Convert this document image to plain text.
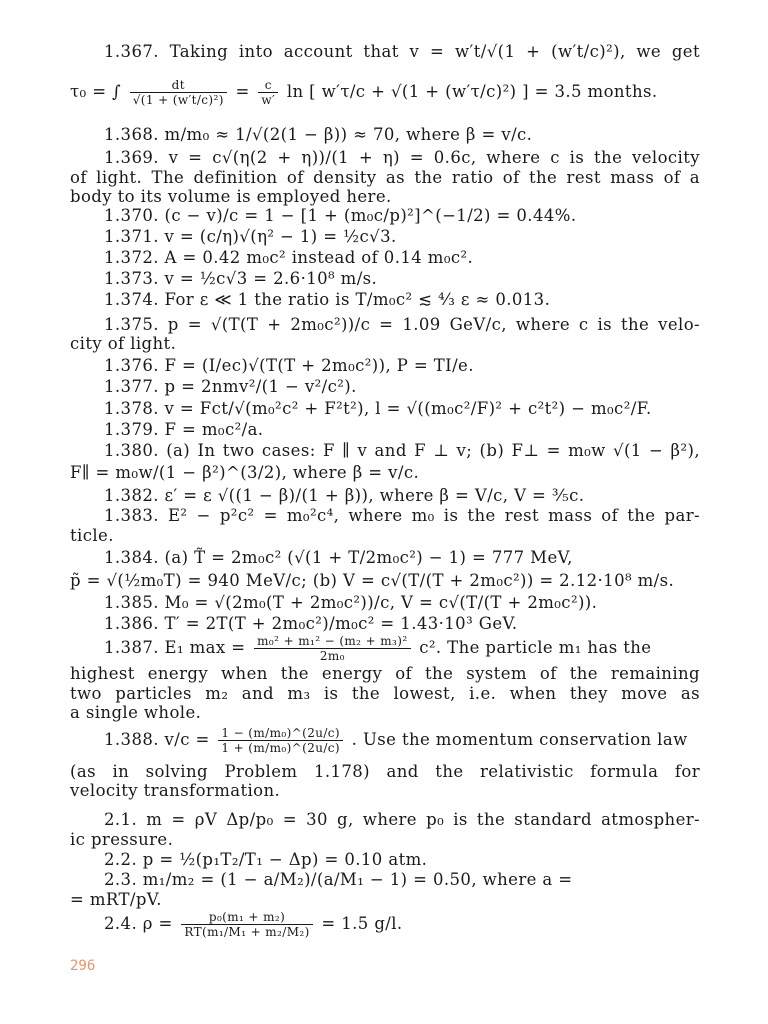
1.367. Taking into account that v = w′t/√(1 + (w′t/c)²), we get
τ₀ = ∫ $\frac{dt}{\text{√(1 + (w′t/c)²)}} = \frac{c}{w'}$ ln [ w′τ/c + √(1 + (w′τ/c)²) ] = 3.5 months.
1.368. m/m₀ ≈ 1/√(2(1 − β)) ≈ 70, where β = v/c.
1.369. v = c√(η(2 + η))/(1 + η) = 0.6c, where c is the velocity
of light. The definition of density as the ratio of the rest mass of a
body to its volume is employed here.
1.370. (c − v)/c = 1 − [1 + (m₀c/p)²]^(−1/2) = 0.44%.
1.371. v = (c/η)√(η² − 1) = ½c√3.
1.372. A = 0.42 m₀c² instead of 0.14 m₀c².
1.373. v = ½c√3 = 2.6·10⁸ m/s.
1.374. For ε ≪ 1 the ratio is T/m₀c² ≲ ⁴⁄₃ ε ≈ 0.013.
1.375. p = √(T(T + 2m₀c²))/c = 1.09 GeV/c, where c is the velo-
city of light.
1.376. F = (I/ec)√(T(T + 2m₀c²)), P = TI/e.
1.377. p = 2nmv²/(1 − v²/c²).
1.378. v = Fct/√(m₀²c² + F²t²), l = √((m₀c²/F)² + c²t²) − m₀c²/F.
1.379. F = m₀c²/a.
1.380. (a) In two cases: F ∥ v and F ⊥ v; (b) F⊥ = m₀w √(1 − β²),
F∥ = m₀w/(1 − β²)^(3/2), where β = v/c.
1.382. ε′ = ε √((1 − β)/(1 + β)), where β = V/c, V = ³⁄₅c.
1.383. E² − p²c² = m₀²c⁴, where m₀ is the rest mass of the par-
ticle.
1.384. (a) T̃ = 2m₀c² (√(1 + T/2m₀c²) − 1) = 777 MeV,
p̃ = √(½m₀T) = 940 MeV/c; (b) V = c√(T/(T + 2m₀c²)) = 2.12·10⁸ m/s.
1.385. M₀ = √(2m₀(T + 2m₀c²))/c, V = c√(T/(T + 2m₀c²)).
1.386. T′ = 2T(T + 2m₀c²)/m₀c² = 1.43·10³ GeV.
1.387. E₁ $\max = \frac{\text{m₀² + m₁² − (m₂ + m₃)²}}{\text{2m₀}} c^2$. The particle m₁ has the
highest energy when the energy of the system of the remaining
two particles m₂ and m₃ is the lowest, i.e. when they move as
a single whole.
1.388. $v/c = \frac{\text{1 − (m/m₀)\textasciicircum{}(2u/c)}}{\text{1 + (m/m₀)\textasciicircum{}(2u/c)}}$ . Use the momentum conservation law
(as in solving Problem 1.178) and the relativistic formula for
velocity transformation.
2.1. m = ρV Δp/p₀ = 30 g, where p₀ is the standard atmospher-
ic pressure.
2.2. p = ½(p₁T₂/T₁ − Δp) = 0.10 atm.
2.3. m₁/m₂ = (1 − a/M₂)/(a/M₁ − 1) = 0.50, where a =
= mRT/pV.
2.4. $\rho = \frac{\text{p₀(m₁ + m₂)}}{\text{RT(m₁/M₁ + m₂/M₂)}} = 1.5$ g/l.
296
